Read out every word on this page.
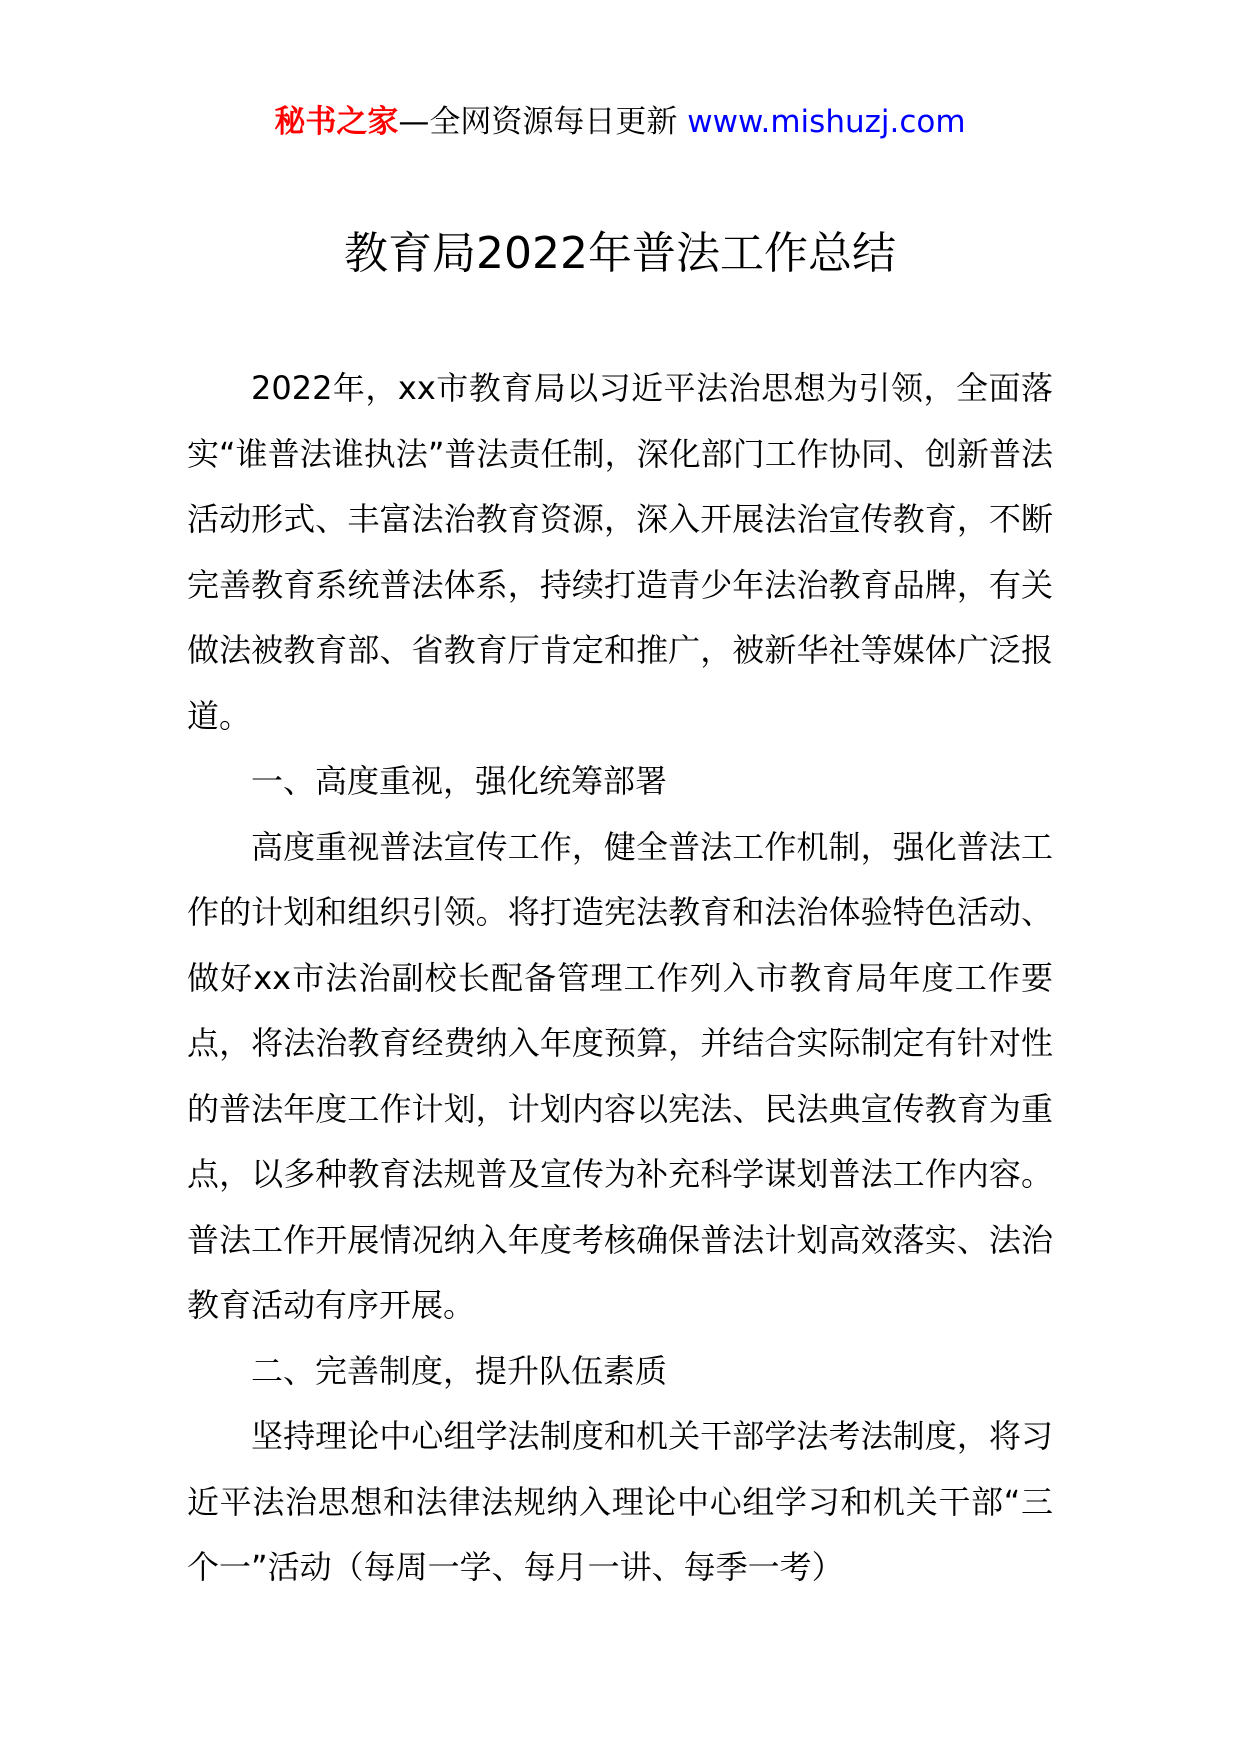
秘书之家—全网资源每日更新 www.mishuzj.com
教育局2022年普法工作总结

2022年，xx市教育局以习近平法治思想为引领，全面落实“谁普法谁执法”普法责任制，深化部门工作协同、创新普法活动形式、丰富法治教育资源，深入开展法治宣传教育，不断完善教育系统普法体系，持续打造青少年法治教育品牌，有关做法被教育部、省教育厅肯定和推广，被新华社等媒体广泛报道。

一、高度重视，强化统筹部署

高度重视普法宣传工作，健全普法工作机制，强化普法工作的计划和组织引领。将打造宪法教育和法治体验特色活动、做好xx市法治副校长配备管理工作列入市教育局年度工作要点，将法治教育经费纳入年度预算，并结合实际制定有针对性的普法年度工作计划，计划内容以宪法、民法典宣传教育为重点，以多种教育法规普及宣传为补充科学谋划普法工作内容。普法工作开展情况纳入年度考核确保普法计划高效落实、法治教育活动有序开展。

二、完善制度，提升队伍素质

坚持理论中心组学法制度和机关干部学法考法制度，将习近平法治思想和法律法规纳入理论中心组学习和机关干部“三个一”活动（每周一学、每月一讲、每季一考）
